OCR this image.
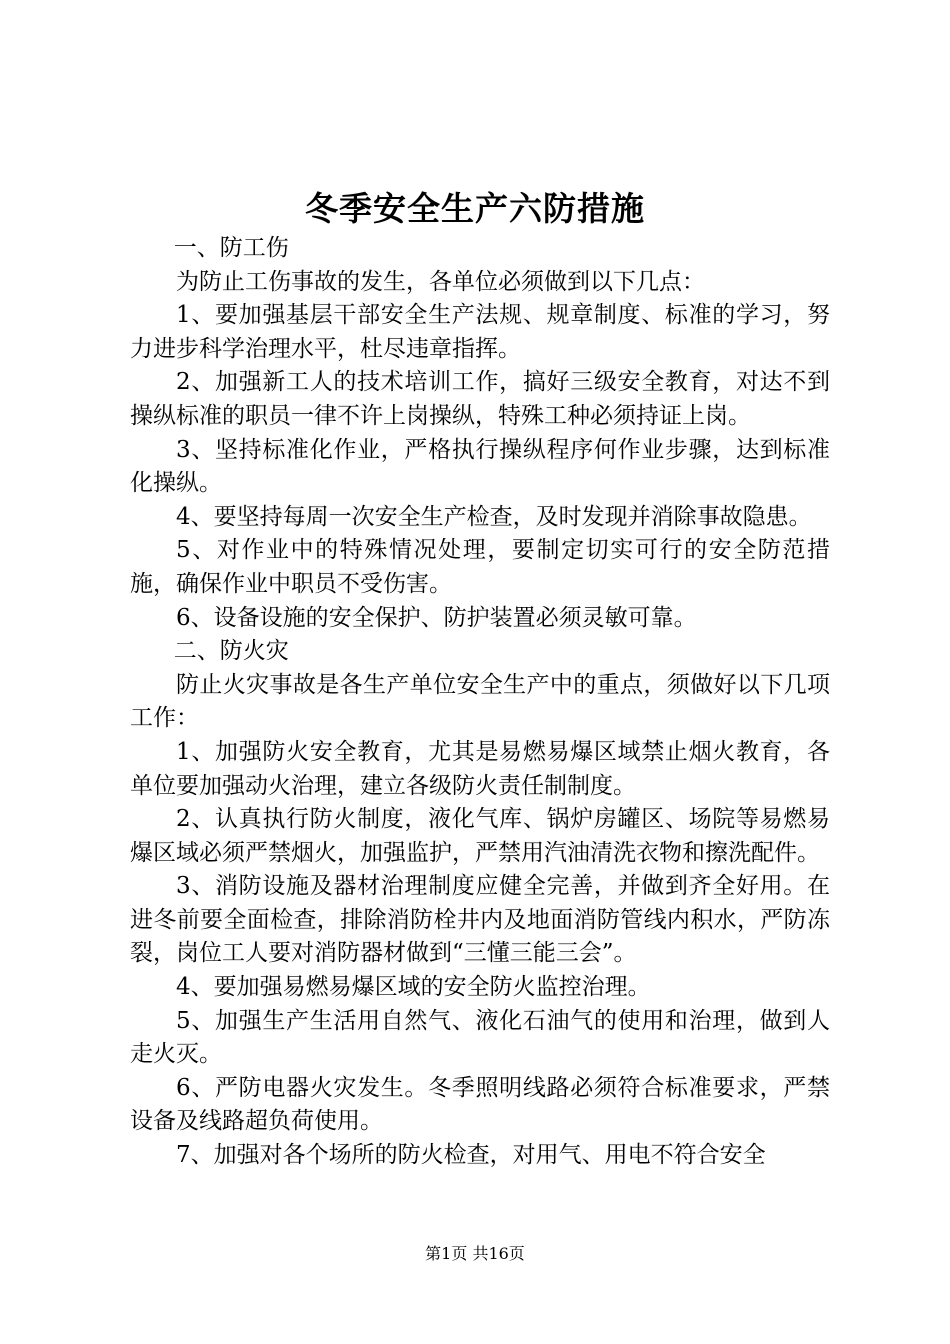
冬季安全生产六防措施

一、防工伤

为防止工伤事故的发生，各单位必须做到以下几点：

1、要加强基层干部安全生产法规、规章制度、标准的学习，努力进步科学治理水平，杜尽违章指挥。

2、加强新工人的技术培训工作，搞好三级安全教育，对达不到操纵标准的职员一律不许上岗操纵，特殊工种必须持证上岗。

3、坚持标准化作业，严格执行操纵程序何作业步骤，达到标准化操纵。

4、要坚持每周一次安全生产检查，及时发现并消除事故隐患。

5、对作业中的特殊情况处理，要制定切实可行的安全防范措施，确保作业中职员不受伤害。

6、设备设施的安全保护、防护装置必须灵敏可靠。

二、防火灾

防止火灾事故是各生产单位安全生产中的重点，须做好以下几项工作：

1、加强防火安全教育，尤其是易燃易爆区域禁止烟火教育，各单位要加强动火治理，建立各级防火责任制制度。

2、认真执行防火制度，液化气库、锅炉房罐区、场院等易燃易爆区域必须严禁烟火，加强监护，严禁用汽油清洗衣物和擦洗配件。

3、消防设施及器材治理制度应健全完善，并做到齐全好用。在进冬前要全面检查，排除消防栓井内及地面消防管线内积水，严防冻裂，岗位工人要对消防器材做到“三懂三能三会”。

4、要加强易燃易爆区域的安全防火监控治理。

5、加强生产生活用自然气、液化石油气的使用和治理，做到人走火灭。

6、严防电器火灾发生。冬季照明线路必须符合标准要求，严禁设备及线路超负荷使用。

7、加强对各个场所的防火检查，对用气、用电不符合安全

第1页 共16页
